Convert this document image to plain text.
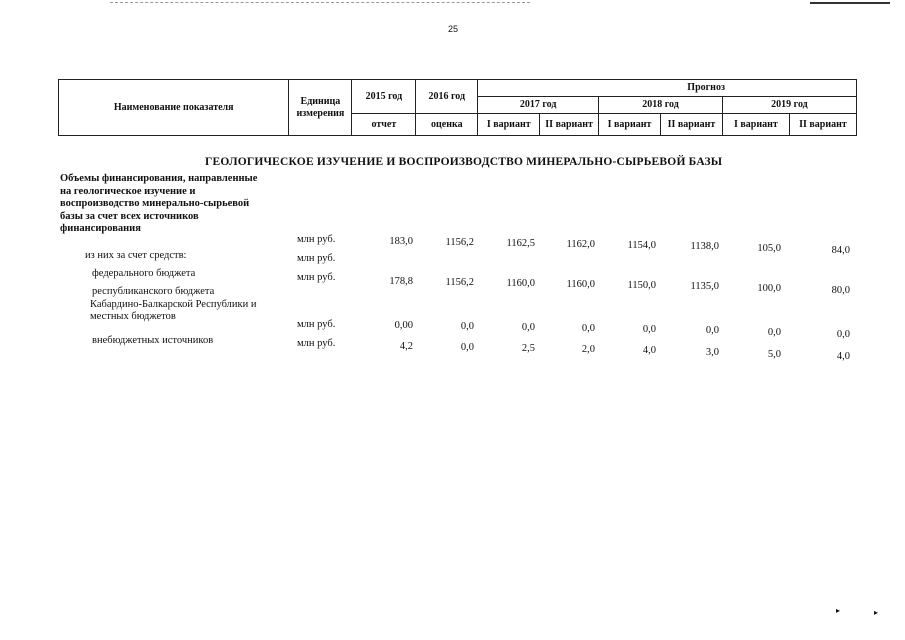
25
Наименование показателя	Единица измерения	2015 год	2016 год	Прогноз					
				2017 год		2018 год		2019 год	
		отчет	оценка	I вариант	II вариант	I вариант	II вариант	I вариант	II вариант
ГЕОЛОГИЧЕСКОЕ ИЗУЧЕНИЕ И ВОСПРОИЗВОДСТВО МИНЕРАЛЬНО-СЫРЬЕВОЙ БАЗЫ
Объемы финансирования, направленные
на геологическое изучение и
воспроизводство минерально-сырьевой
базы за счет всех источников
финансирования
млн руб.	183,0	1156,2	1162,5	1162,0	1154,0	1138,0	105,0	84,0
из них за счет средств:	млн руб.
федерального бюджета	млн руб.	178,8	1156,2	1160,0	1160,0	1150,0	1135,0	100,0	80,0
республиканского бюджета
Кабардино-Балкарской Республики и
местных бюджетов
млн руб.	0,00	0,0	0,0	0,0	0,0	0,0	0,0	0,0
внебюджетных источников	млн руб.	4,2	0,0	2,5	2,0	4,0	3,0	5,0	4,0
▸	▸
